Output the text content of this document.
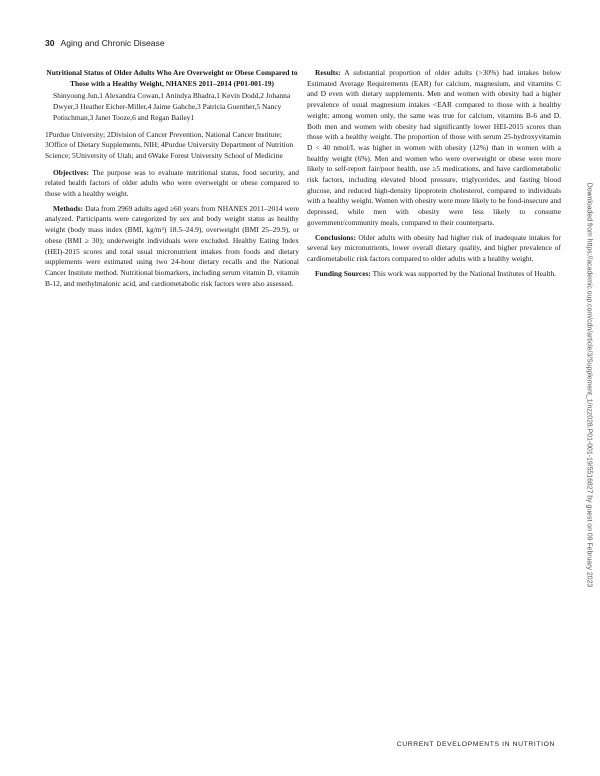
30 Aging and Chronic Disease

Nutritional Status of Older Adults Who Are Overweight or Obese Compared to Those with a Healthy Weight, NHANES 2011–2014 (P01-001-19)

Shinyoung Jun,1 Alexandra Cowan,1 Anindya Bhadra,1 Kevin Dodd,2 Johanna Dwyer,3 Heather Eicher-Miller,4 Jaime Gahche,3 Patricia Guenther,5 Nancy Potischman,3 Janet Tooze,6 and Regan Bailey1

1Purdue University; 2Division of Cancer Prevention, National Cancer Institute; 3Office of Dietary Supplements, NIH; 4Purdue University Department of Nutrition Science; 5University of Utah; and 6Wake Forest University School of Medicine

Objectives: The purpose was to evaluate nutritional status, food security, and related health factors of older adults who were overweight or obese compared to those with a healthy weight.

Methods: Data from 2969 adults aged ≥60 years from NHANES 2011–2014 were analyzed. Participants were categorized by sex and body weight status as healthy weight (body mass index (BMI, kg/m²) 18.5–24.9), overweight (BMI 25–29.9), or obese (BMI ≥ 30); underweight individuals were excluded. Healthy Eating Index (HEI)-2015 scores and total usual micronutrient intakes from foods and dietary supplements were estimated using two 24-hour dietary recalls and the National Cancer Institute method. Nutritional biomarkers, including serum vitamin D, vitamin B-12, and methylmalonic acid, and cardiometabolic risk factors were also assessed.

Results: A substantial proportion of older adults (>30%) had intakes below Estimated Average Requirements (EAR) for calcium, magnesium, and vitamins C and D even with dietary supplements. Men and women with obesity had a higher prevalence of usual magnesium intakes <EAR compared to those with a healthy weight; among women only, the same was true for calcium, vitamins B-6 and D. Both men and women with obesity had significantly lower HEI-2015 scores than those with a healthy weight. The proportion of those with serum 25-hydroxyvitamin D < 40 nmol/L was higher in women with obesity (12%) than in women with a healthy weight (6%). Men and women who were overweight or obese were more likely to self-report fair/poor health, use ≥5 medications, and have cardiometabolic risk factors, including elevated blood pressure, triglycerides, and fasting blood glucose, and reduced high-density lipoprotein cholesterol, compared to individuals with a healthy weight. Women with obesity were more likely to be food-insecure and depressed, while men with obesity were less likely to consume government/community meals, compared to their counterparts.

Conclusions: Older adults with obesity had higher risk of inadequate intakes for several key micronutrients, lower overall dietary quality, and higher prevalence of cardiometabolic risk factors compared to older adults with a healthy weight.

Funding Sources: This work was supported by the National Institutes of Health.	Downloaded from https://academic.oup.com/cdn/article/3/Supplement_1/nzz028.P01-001-19/5516827 by guest on 09 February 2023
CURRENT DEVELOPMENTS IN NUTRITION
